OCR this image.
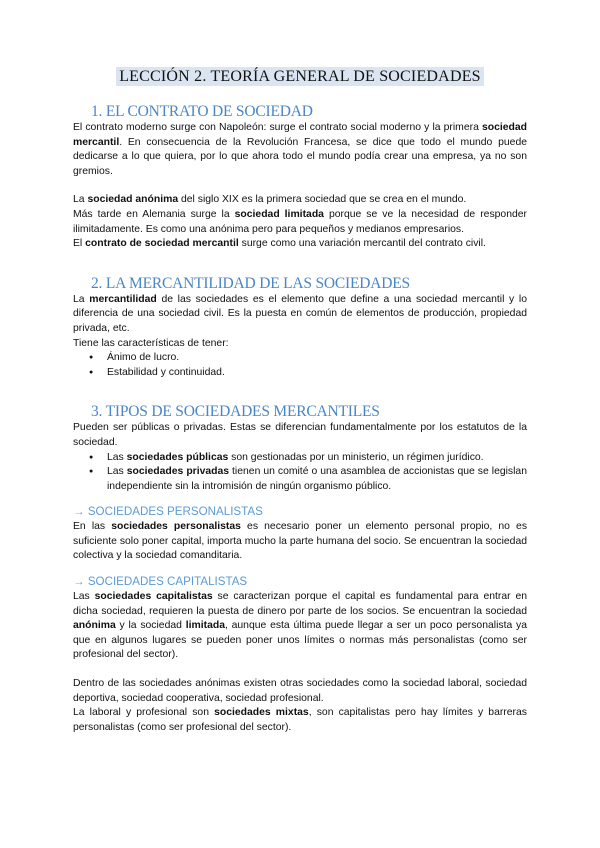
LECCIÓN 2. TEORÍA GENERAL DE SOCIEDADES
1. EL CONTRATO DE SOCIEDAD

El contrato moderno surge con Napoleón: surge el contrato social moderno y la primera sociedad mercantil. En consecuencia de la Revolución Francesa, se dice que todo el mundo puede dedicarse a lo que quiera, por lo que ahora todo el mundo podía crear una empresa, ya no son gremios.

La sociedad anónima del siglo XIX es la primera sociedad que se crea en el mundo.

Más tarde en Alemania surge la sociedad limitada porque se ve la necesidad de responder ilimitadamente. Es como una anónima pero para pequeños y medianos empresarios.

El contrato de sociedad mercantil surge como una variación mercantil del contrato civil.

2. LA MERCANTILIDAD DE LAS SOCIEDADES

La mercantilidad de las sociedades es el elemento que define a una sociedad mercantil y lo diferencia de una sociedad civil. Es la puesta en común de elementos de producción, propiedad privada, etc.

Tiene las características de tener:

● Ánimo de lucro.
● Estabilidad y continuidad.
3. TIPOS DE SOCIEDADES MERCANTILES

Pueden ser públicas o privadas. Estas se diferencian fundamentalmente por los estatutos de la sociedad.

● Las sociedades públicas son gestionadas por un ministerio, un régimen jurídico.
● Las sociedades privadas tienen un comité o una asamblea de accionistas que se legislan independiente sin la intromisión de ningún organismo público.
→ SOCIEDADES PERSONALISTAS

En las sociedades personalistas es necesario poner un elemento personal propio, no es suficiente solo poner capital, importa mucho la parte humana del socio. Se encuentran la sociedad colectiva y la sociedad comanditaria.

→ SOCIEDADES CAPITALISTAS

Las sociedades capitalistas se caracterizan porque el capital es fundamental para entrar en dicha sociedad, requieren la puesta de dinero por parte de los socios. Se encuentran la sociedad anónima y la sociedad limitada, aunque esta última puede llegar a ser un poco personalista ya que en algunos lugares se pueden poner unos límites o normas más personalistas (como ser profesional del sector).

Dentro de las sociedades anónimas existen otras sociedades como la sociedad laboral, sociedad deportiva, sociedad cooperativa, sociedad profesional.

La laboral y profesional son sociedades mixtas, son capitalistas pero hay límites y barreras personalistas (como ser profesional del sector).
